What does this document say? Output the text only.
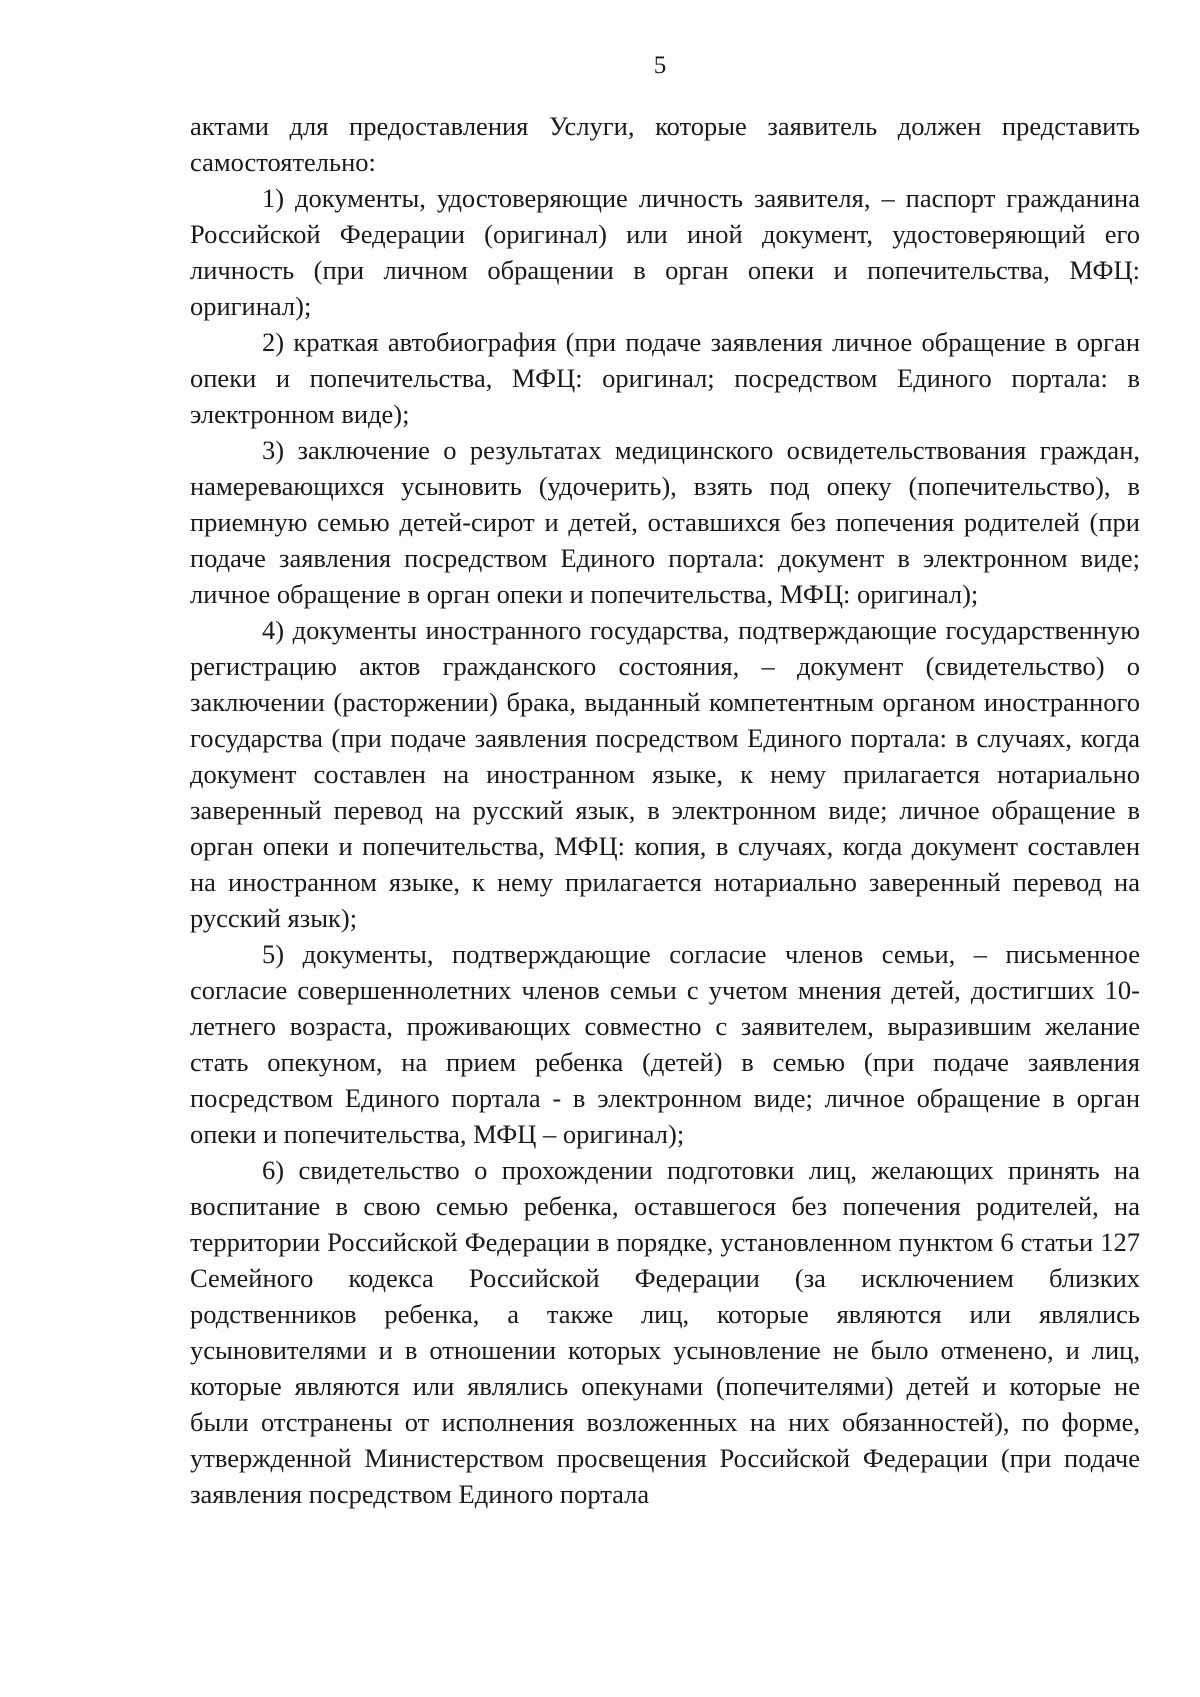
5

актами для предоставления Услуги, которые заявитель должен представить самостоятельно:

1) документы, удостоверяющие личность заявителя, – паспорт гражданина Российской Федерации (оригинал) или иной документ, удостоверяющий его личность (при личном обращении в орган опеки и попечительства, МФЦ: оригинал);

2) краткая автобиография (при подаче заявления личное обращение в орган опеки и попечительства, МФЦ: оригинал; посредством Единого портала: в электронном виде);

3) заключение о результатах медицинского освидетельствования граждан, намеревающихся усыновить (удочерить), взять под опеку (попечительство), в приемную семью детей-сирот и детей, оставшихся без попечения родителей (при подаче заявления посредством Единого портала: документ в электронном виде; личное обращение в орган опеки и попечительства, МФЦ: оригинал);

4) документы иностранного государства, подтверждающие государственную регистрацию актов гражданского состояния, – документ (свидетельство) о заключении (расторжении) брака, выданный компетентным органом иностранного государства (при подаче заявления посредством Единого портала: в случаях, когда документ составлен на иностранном языке, к нему прилагается нотариально заверенный перевод на русский язык, в электронном виде; личное обращение в орган опеки и попечительства, МФЦ: копия, в случаях, когда документ составлен на иностранном языке, к нему прилагается нотариально заверенный перевод на русский язык);

5) документы, подтверждающие согласие членов семьи, – письменное согласие совершеннолетних членов семьи с учетом мнения детей, достигших 10-летнего возраста, проживающих совместно с заявителем, выразившим желание стать опекуном, на прием ребенка (детей) в семью (при подаче заявления посредством Единого портала - в электронном виде; личное обращение в орган опеки и попечительства, МФЦ – оригинал);

6) свидетельство о прохождении подготовки лиц, желающих принять на воспитание в свою семью ребенка, оставшегося без попечения родителей, на территории Российской Федерации в порядке, установленном пунктом 6 статьи 127 Семейного кодекса Российской Федерации (за исключением близких родственников ребенка, а также лиц, которые являются или являлись усыновителями и в отношении которых усыновление не было отменено, и лиц, которые являются или являлись опекунами (попечителями) детей и которые не были отстранены от исполнения возложенных на них обязанностей), по форме, утвержденной Министерством просвещения Российской Федерации (при подаче заявления посредством Единого портала
